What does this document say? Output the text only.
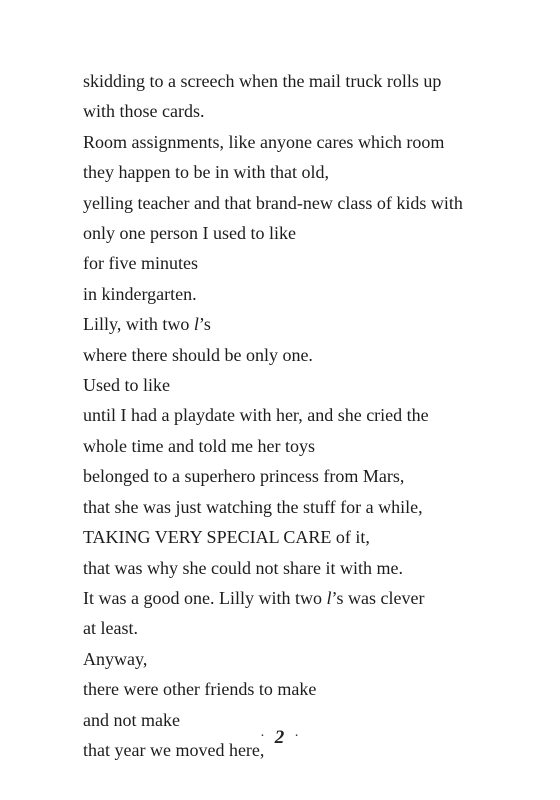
skidding to a screech when the mail truck rolls up
with those cards.
Room assignments, like anyone cares which room
they happen to be in with that old,
yelling teacher and that brand-new class of kids with
only one person I used to like
for five minutes
in kindergarten.
Lilly, with two l’s
where there should be only one.
Used to like
until I had a playdate with her, and she cried the
whole time and told me her toys
belonged to a superhero princess from Mars,
that she was just watching the stuff for a while,
TAKING VERY SPECIAL CARE of it,
that was why she could not share it with me.
It was a good one. Lilly with two l’s was clever
at least.
Anyway,
there were other friends to make
and not make
that year we moved here,
· 2 ·
